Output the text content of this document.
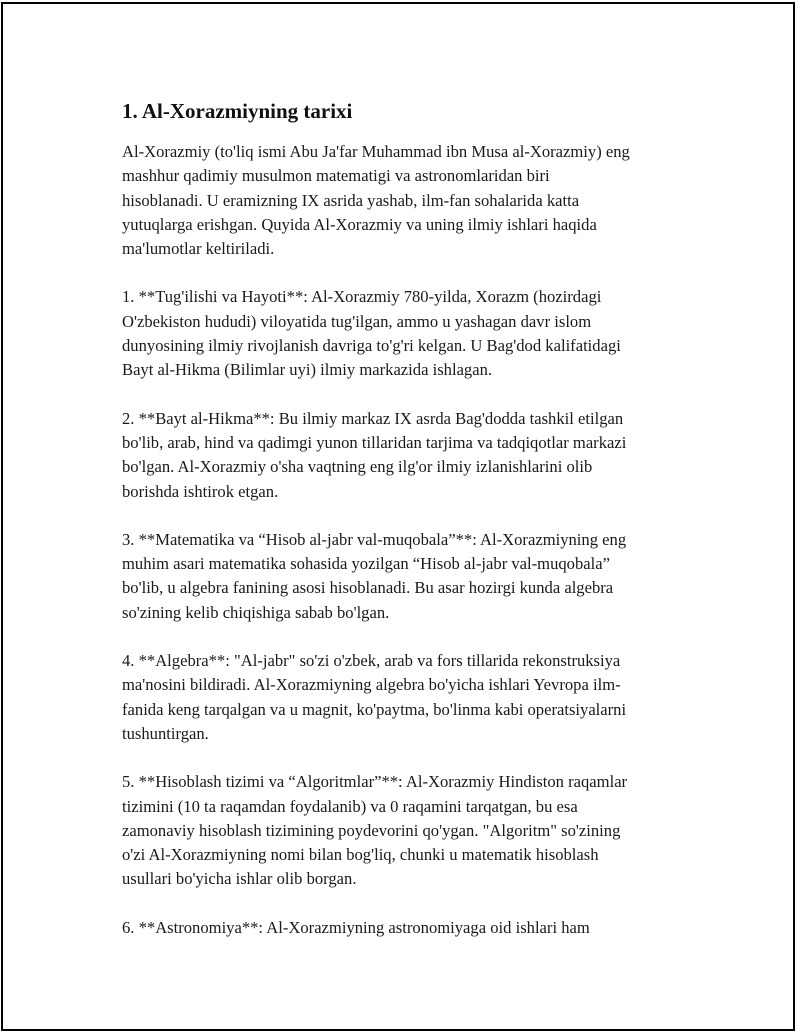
1. Al-Xorazmiyning tarixi
Al-Xorazmiy (to'liq ismi Abu Ja'far Muhammad ibn Musa al-Xorazmiy) eng
mashhur qadimiy musulmon matematigi va astronomlaridan biri
hisoblanadi. U eramizning IX asrida yashab, ilm-fan sohalarida katta
yutuqlarga erishgan. Quyida Al-Xorazmiy va uning ilmiy ishlari haqida
ma'lumotlar keltiriladi.
1. **Tug'ilishi va Hayoti**: Al-Xorazmiy 780-yilda, Xorazm (hozirdagi
O'zbekiston hududi) viloyatida tug'ilgan, ammo u yashagan davr islom
dunyosining ilmiy rivojlanish davriga to'g'ri kelgan. U Bag'dod kalifatidagi
Bayt al-Hikma (Bilimlar uyi) ilmiy markazida ishlagan.
2. **Bayt al-Hikma**: Bu ilmiy markaz IX asrda Bag'dodda tashkil etilgan
bo'lib, arab, hind va qadimgi yunon tillaridan tarjima va tadqiqotlar markazi
bo'lgan. Al-Xorazmiy o'sha vaqtning eng ilg'or ilmiy izlanishlarini olib
borishda ishtirok etgan.
3. **Matematika va “Hisob al-jabr val-muqobala”**: Al-Xorazmiyning eng
muhim asari matematika sohasida yozilgan “Hisob al-jabr val-muqobala”
bo'lib, u algebra fanining asosi hisoblanadi. Bu asar hozirgi kunda algebra
so'zining kelib chiqishiga sabab bo'lgan.
4. **Algebra**: "Al-jabr" so'zi o'zbek, arab va fors tillarida rekonstruksiya
ma'nosini bildiradi. Al-Xorazmiyning algebra bo'yicha ishlari Yevropa ilm-
fanida keng tarqalgan va u magnit, ko'paytma, bo'linma kabi operatsiyalarni
tushuntirgan.
5. **Hisoblash tizimi va “Algoritmlar”**: Al-Xorazmiy Hindiston raqamlar
tizimini (10 ta raqamdan foydalanib) va 0 raqamini tarqatgan, bu esa
zamonaviy hisoblash tizimining poydevorini qo'ygan. "Algoritm" so'zining
o'zi Al-Xorazmiyning nomi bilan bog'liq, chunki u matematik hisoblash
usullari bo'yicha ishlar olib borgan.
6. **Astronomiya**: Al-Xorazmiyning astronomiyaga oid ishlari ham
